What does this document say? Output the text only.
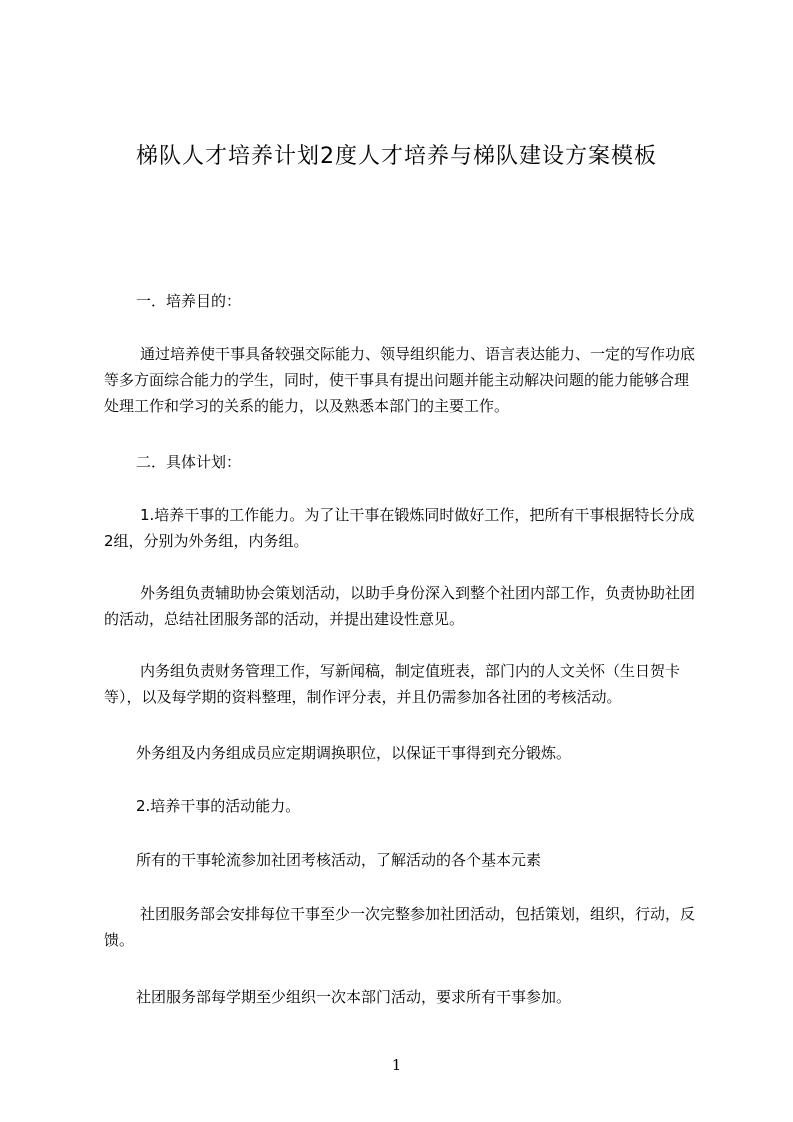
梯队人才培养计划2度人才培养与梯队建设方案模板
一．培养目的：
通过培养使干事具备较强交际能力、领导组织能力、语言表达能力、一定的写作功底等多方面综合能力的学生，同时，使干事具有提出问题并能主动解决问题的能力能够合理处理工作和学习的关系的能力，以及熟悉本部门的主要工作。
二．具体计划：
1.培养干事的工作能力。为了让干事在锻炼同时做好工作，把所有干事根据特长分成2组，分别为外务组，内务组。
外务组负责辅助协会策划活动，以助手身份深入到整个社团内部工作，负责协助社团的活动，总结社团服务部的活动，并提出建设性意见。
内务组负责财务管理工作，写新闻稿，制定值班表，部门内的人文关怀（生日贺卡等），以及每学期的资料整理，制作评分表，并且仍需参加各社团的考核活动。
外务组及内务组成员应定期调换职位，以保证干事得到充分锻炼。
2.培养干事的活动能力。
所有的干事轮流参加社团考核活动，了解活动的各个基本元素
社团服务部会安排每位干事至少一次完整参加社团活动，包括策划，组织，行动，反馈。
社团服务部每学期至少组织一次本部门活动，要求所有干事参加。
1
